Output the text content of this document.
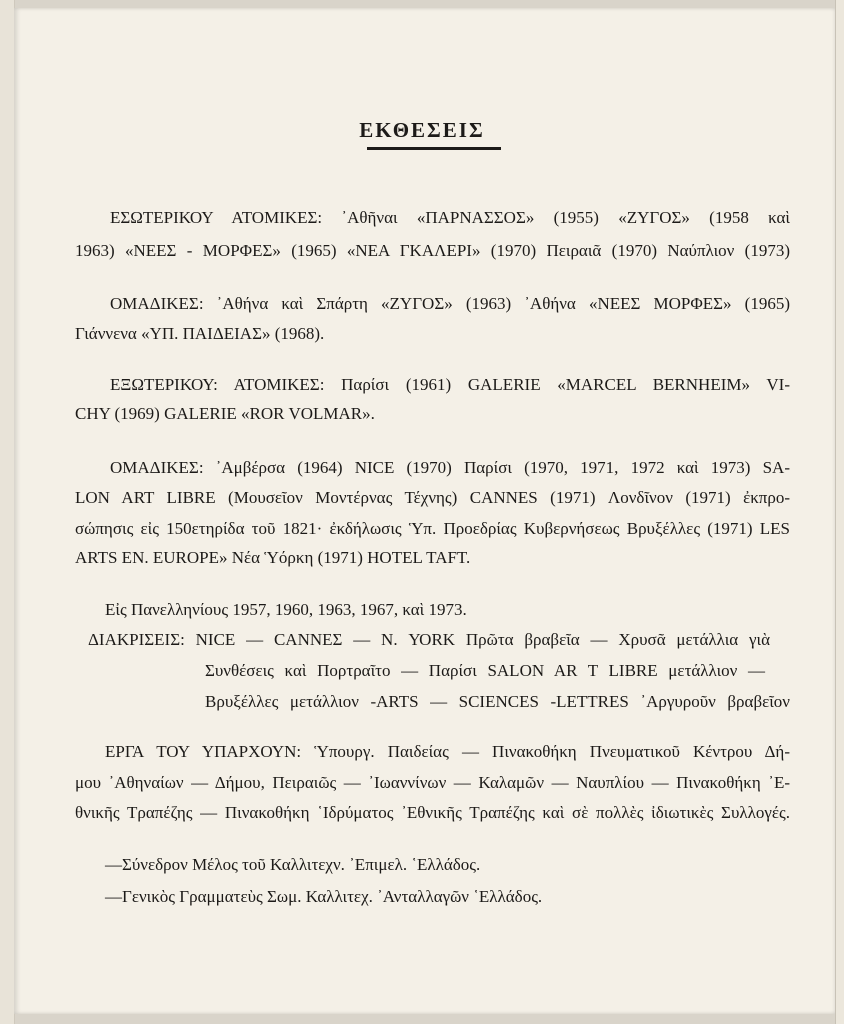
ΕΚΘΕΣΕΙΣ
ΕΣΩΤΕΡΙΚΟΥ ΑΤΟΜΙΚΕΣ: ᾿Αθῆναι «ΠΑΡΝΑΣΣΟΣ» (1955) «ΖΥΓΟΣ» (1958 καὶ
1963) «ΝΕΕΣ - ΜΟΡΦΕΣ» (1965) «ΝΕΑ ΓΚΑΛΕΡΙ» (1970) Πειραιᾶ (1970) Ναύπλιον (1973)
ΟΜΑΔΙΚΕΣ: ᾿Αθήνα καὶ Σπάρτη «ΖΥΓΟΣ» (1963) ᾿Αθήνα «ΝΕΕΣ ΜΟΡΦΕΣ» (1965)
Γιάννενα «ΥΠ. ΠΑΙΔΕΙΑΣ» (1968).
ΕΞΩΤΕΡΙΚΟΥ: ΑΤΟΜΙΚΕΣ: Παρίσι (1961) GALERIE «MARCEL BERNHEIM» VI-
CHY (1969) GALERIE «ROR VOLMAR».
ΟΜΑΔΙΚΕΣ: ᾿Αμβέρσα (1964) NICE (1970) Παρίσι (1970, 1971, 1972 καὶ 1973) SA-
LON ART LIBRE (Μουσεῖον Μοντέρνας Τέχνης) CANNES (1971) Λονδῖνον (1971) ἐκπρο-
σώπησις εἰς 150ετηρίδα τοῦ 1821· ἐκδήλωσις Ὑπ. Προεδρίας Κυβερνήσεως Βρυξέλλες (1971) LES
ARTS EN. EUROPE» Νέα Ὑόρκη (1971) HOTEL TAFT.
Εἰς Πανελληνίους 1957, 1960, 1963, 1967, καὶ 1973.
ΔΙΑΚΡΙΣΕΙΣ: NICE — CANNEΣ — N. ΥΟRK Πρῶτα βραβεῖα — Χρυσᾶ μετάλλια γιὰ
Συνθέσεις καὶ Πορτραῖτο — Παρίσι SALON AR T LIBRE μετάλλιον —
Βρυξέλλες μετάλλιον -ARTS — SCIENCES -LETTRES ᾿Αργυροῦν βραβεῖον
ΕΡΓΑ ΤΟΥ ΥΠΑΡΧΟΥΝ: Ὑπουργ. Παιδείας — Πινακοθήκη Πνευματικοῦ Κέντρου Δή-
μου ᾿Αθηναίων — Δήμου, Πειραιῶς — ᾿Ιωαννίνων — Καλαμῶν — Ναυπλίου — Πινακοθήκη ᾿Ε-
θνικῆς Τραπέζης — Πινακοθήκη ῾Ιδρύματος ᾿Εθνικῆς Τραπέζης καὶ σὲ πολλὲς ἰδιωτικὲς Συλλογές.
—Σύνεδρον Μέλος τοῦ Καλλιτεχν. ᾿Επιμελ. ῾Ελλάδος.
—Γενικὸς Γραμματεὺς Σωμ. Καλλιτεχ. ᾿Ανταλλαγῶν ῾Ελλάδος.
